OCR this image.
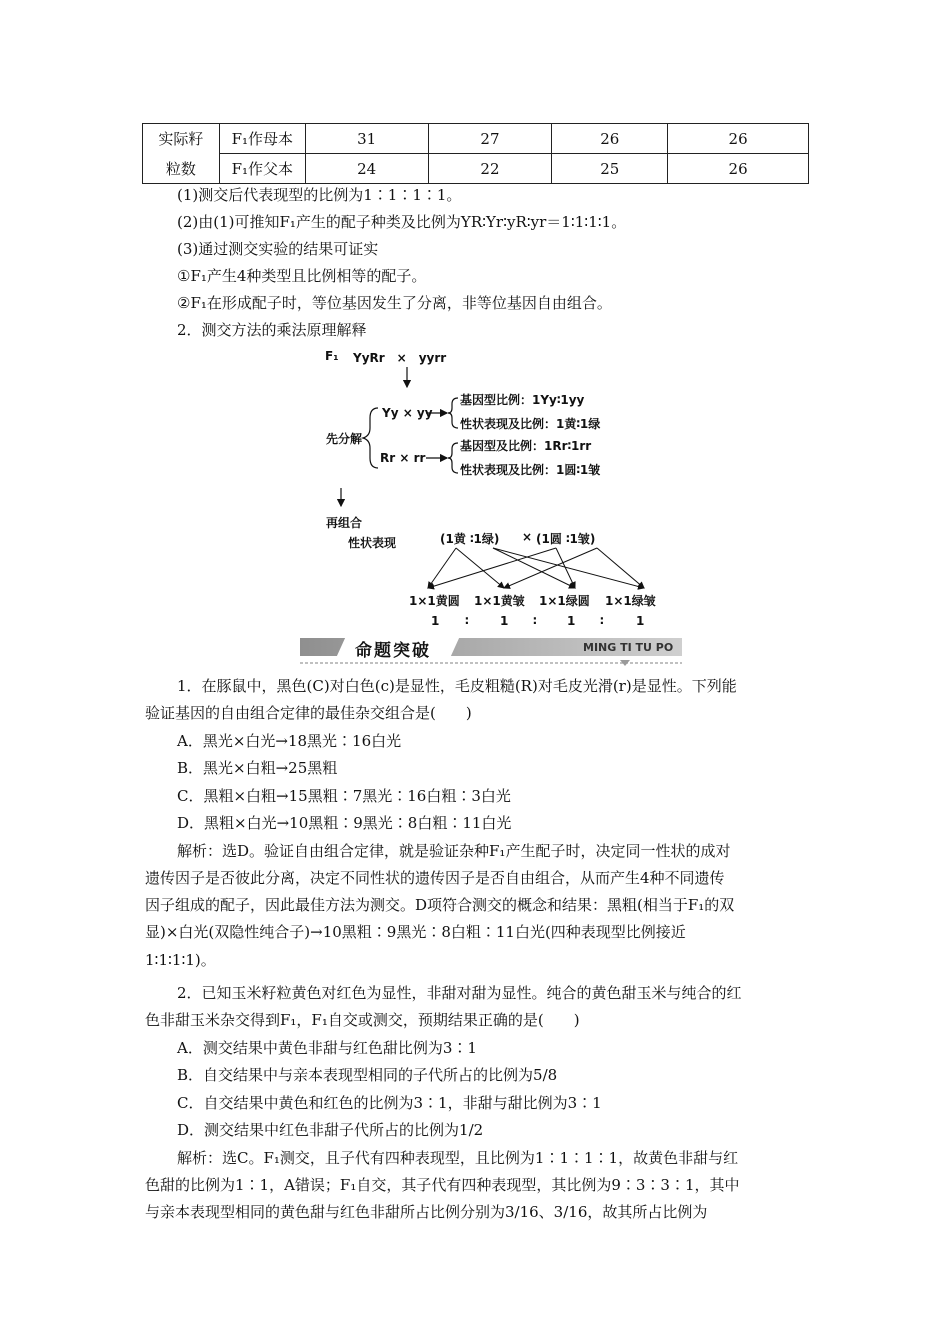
实际籽	F₁作母本	31	27	26	26
粒数	F₁作父本	24	22	25	26
(1)测交后代表现型的比例为1∶1∶1∶1。
(2)由(1)可推知F₁产生的配子种类及比例为YR∶Yr∶yR∶yr＝1∶1∶1∶1。
(3)通过测交实验的结果可证实
①F₁产生4种类型且比例相等的配子。
②F₁在形成配子时，等位基因发生了分离，非等位基因自由组合。
2．测交方法的乘法原理解释
F₁ YyRr　×　yyrr
Yy × yy
先分解
Rr × rr
基因型比例：1Yy∶1yy
性状表现及比例：1黄∶1绿
基因型及比例：1Rr∶1rr
性状表现及比例：1圆∶1皱
再组合
性状表现	(1黄 ∶1绿) × (1圆 ∶1皱)
1×1黄圆 1×1黄皱 1×1绿圆 1×1绿皱
1 ∶	1 ∶	1 ∶	1
命题突破	MING TI TU PO
1．在豚鼠中，黑色(C)对白色(c)是显性，毛皮粗糙(R)对毛皮光滑(r)是显性。下列能
验证基因的自由组合定律的最佳杂交组合是(　　)
A．黑光×白光→18黑光∶16白光
B．黑光×白粗→25黑粗
C．黑粗×白粗→15黑粗∶7黑光∶16白粗∶3白光
D．黑粗×白光→10黑粗∶9黑光∶8白粗∶11白光
解析：选D。验证自由组合定律，就是验证杂种F₁产生配子时，决定同一性状的成对
遗传因子是否彼此分离，决定不同性状的遗传因子是否自由组合，从而产生4种不同遗传
因子组成的配子，因此最佳方法为测交。D项符合测交的概念和结果：黑粗(相当于F₁的双
显)×白光(双隐性纯合子)→10黑粗∶9黑光∶8白粗∶11白光(四种表现型比例接近
1∶1∶1∶1)。
2．已知玉米籽粒黄色对红色为显性，非甜对甜为显性。纯合的黄色甜玉米与纯合的红
色非甜玉米杂交得到F₁，F₁自交或测交，预期结果正确的是(　　)
A．测交结果中黄色非甜与红色甜比例为3∶1
B．自交结果中与亲本表现型相同的子代所占的比例为5/8
C．自交结果中黄色和红色的比例为3∶1，非甜与甜比例为3∶1
D．测交结果中红色非甜子代所占的比例为1/2
解析：选C。F₁测交，且子代有四种表现型，且比例为1∶1∶1∶1，故黄色非甜与红
色甜的比例为1∶1，A错误；F₁自交，其子代有四种表现型，其比例为9∶3∶3∶1，其中
与亲本表现型相同的黄色甜与红色非甜所占比例分别为3/16、3/16，故其所占比例为
